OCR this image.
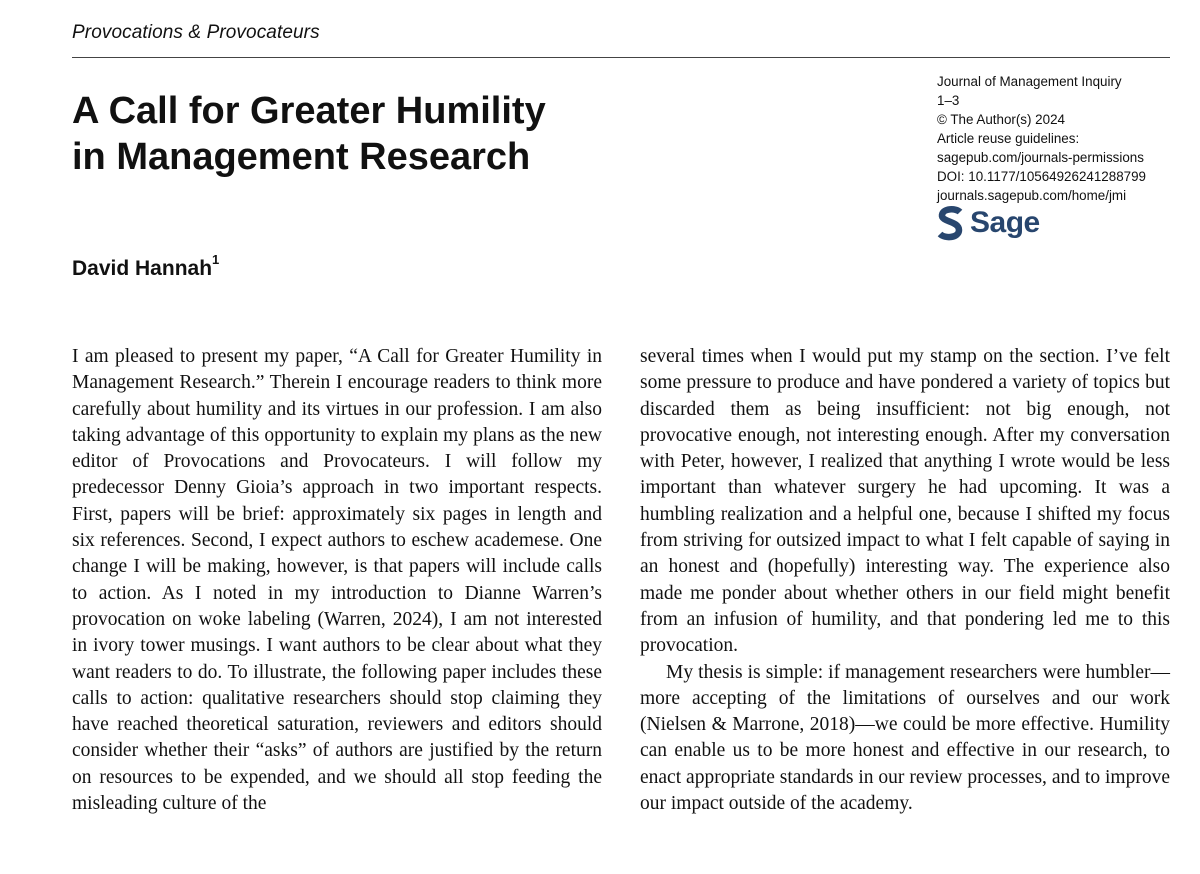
Provocations & Provocateurs
A Call for Greater Humility
in Management Research
David Hannah$^1$
Journal of Management Inquiry
1–3
© The Author(s) 2024
Article reuse guidelines:
sagepub.com/journals-permissions
DOI: 10.1177/10564926241288799
journals.sagepub.com/home/jmi
Sage

I am pleased to present my paper, “A Call for Greater Humility in Management Research.” Therein I encourage readers to think more carefully about humility and its virtues in our profession. I am also taking advantage of this opportunity to explain my plans as the new editor of Provocations and Provocateurs. I will follow my predecessor Denny Gioia’s approach in two important respects. First, papers will be brief: approximately six pages in length and six references. Second, I expect authors to eschew academese. One change I will be making, however, is that papers will include calls to action. As I noted in my introduction to Dianne Warren’s provocation on woke labeling (Warren, 2024), I am not interested in ivory tower musings. I want authors to be clear about what they want readers to do. To illustrate, the following paper includes these calls to action: qualitative researchers should stop claiming they have reached theoretical saturation, reviewers and editors should consider whether their “asks” of authors are justified by the return on resources to be expended, and we should all stop feeding the misleading culture of the

several times when I would put my stamp on the section. I’ve felt some pressure to produce and have pondered a variety of topics but discarded them as being insufficient: not big enough, not provocative enough, not interesting enough. After my conversation with Peter, however, I realized that anything I wrote would be less important than whatever surgery he had upcoming. It was a humbling realization and a helpful one, because I shifted my focus from striving for outsized impact to what I felt capable of saying in an honest and (hopefully) interesting way. The experience also made me ponder about whether others in our field might benefit from an infusion of humility, and that pondering led me to this provocation.

My thesis is simple: if management researchers were humbler—more accepting of the limitations of ourselves and our work (Nielsen & Marrone, 2018)—we could be more effective. Humility can enable us to be more honest and effective in our research, to enact appropriate standards in our review processes, and to improve our impact outside of the academy.
